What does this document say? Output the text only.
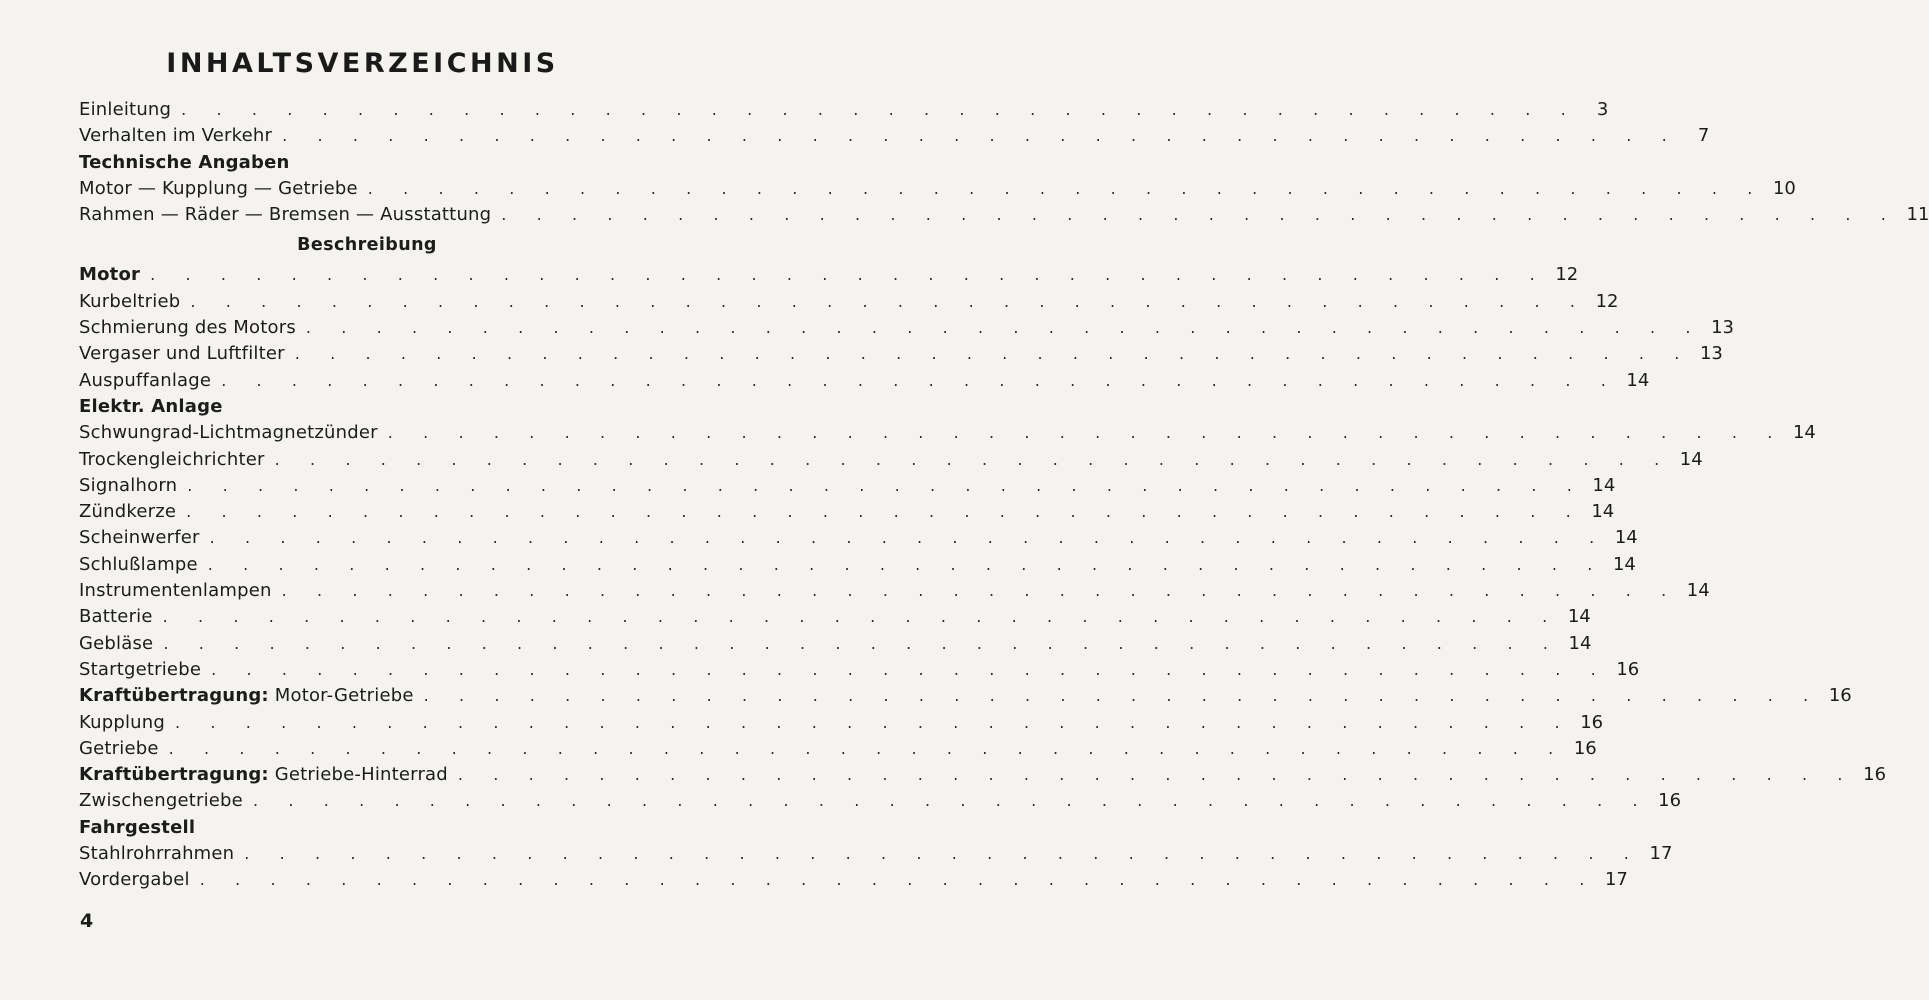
INHALTSVERZEICHNIS
Einleitung . . . . . . . . . . . . . . . . . . . . . . . . . . . . . . . . . . . . . . . .	3
Verhalten im Verkehr . . . . . . . . . . . . . . . . . . . . . . . . . . . . . . . . . . . . . . . .	7
Technische Angaben
Motor — Kupplung — Getriebe . . . . . . . . . . . . . . . . . . . . . . . . . . . . . . . . . . . . . . . . 10
Rahmen — Räder — Bremsen — Ausstattung . . . . . . . . . . . . . . . . . . . . . . . . . . . . . . . . . . . . . . . . 11
Beschreibung
Motor . . . . . . . . . . . . . . . . . . . . . . . . . . . . . . . . . . . . . . . . 12
Kurbeltrieb . . . . . . . . . . . . . . . . . . . . . . . . . . . . . . . . . . . . . . . . 12
Schmierung des Motors . . . . . . . . . . . . . . . . . . . . . . . . . . . . . . . . . . . . . . . . 13
Vergaser und Luftfilter . . . . . . . . . . . . . . . . . . . . . . . . . . . . . . . . . . . . . . . . 13
Auspuffanlage . . . . . . . . . . . . . . . . . . . . . . . . . . . . . . . . . . . . . . . . 14
Elektr. Anlage
Schwungrad-Lichtmagnetzünder . . . . . . . . . . . . . . . . . . . . . . . . . . . . . . . . . . . . . . . . 14
Trockengleichrichter . . . . . . . . . . . . . . . . . . . . . . . . . . . . . . . . . . . . . . . . 14
Signalhorn . . . . . . . . . . . . . . . . . . . . . . . . . . . . . . . . . . . . . . . . 14
Zündkerze . . . . . . . . . . . . . . . . . . . . . . . . . . . . . . . . . . . . . . . . 14
Scheinwerfer . . . . . . . . . . . . . . . . . . . . . . . . . . . . . . . . . . . . . . . . 14
Schlußlampe . . . . . . . . . . . . . . . . . . . . . . . . . . . . . . . . . . . . . . . . 14
Instrumentenlampen . . . . . . . . . . . . . . . . . . . . . . . . . . . . . . . . . . . . . . . . 14
Batterie . . . . . . . . . . . . . . . . . . . . . . . . . . . . . . . . . . . . . . . . 14
Gebläse . . . . . . . . . . . . . . . . . . . . . . . . . . . . . . . . . . . . . . . . 14
Startgetriebe . . . . . . . . . . . . . . . . . . . . . . . . . . . . . . . . . . . . . . . . 16
Kraftübertragung: Motor-Getriebe . . . . . . . . . . . . . . . . . . . . . . . . . . . . . . . . . . . . . . . . 16
Kupplung . . . . . . . . . . . . . . . . . . . . . . . . . . . . . . . . . . . . . . . . 16
Getriebe . . . . . . . . . . . . . . . . . . . . . . . . . . . . . . . . . . . . . . . . 16
Kraftübertragung: Getriebe-Hinterrad . . . . . . . . . . . . . . . . . . . . . . . . . . . . . . . . . . . . . . . . 16
Zwischengetriebe . . . . . . . . . . . . . . . . . . . . . . . . . . . . . . . . . . . . . . . . 16
Fahrgestell
Stahlrohrrahmen . . . . . . . . . . . . . . . . . . . . . . . . . . . . . . . . . . . . . . . . 17
Vordergabel . . . . . . . . . . . . . . . . . . . . . . . . . . . . . . . . . . . . . . . . 17
4
